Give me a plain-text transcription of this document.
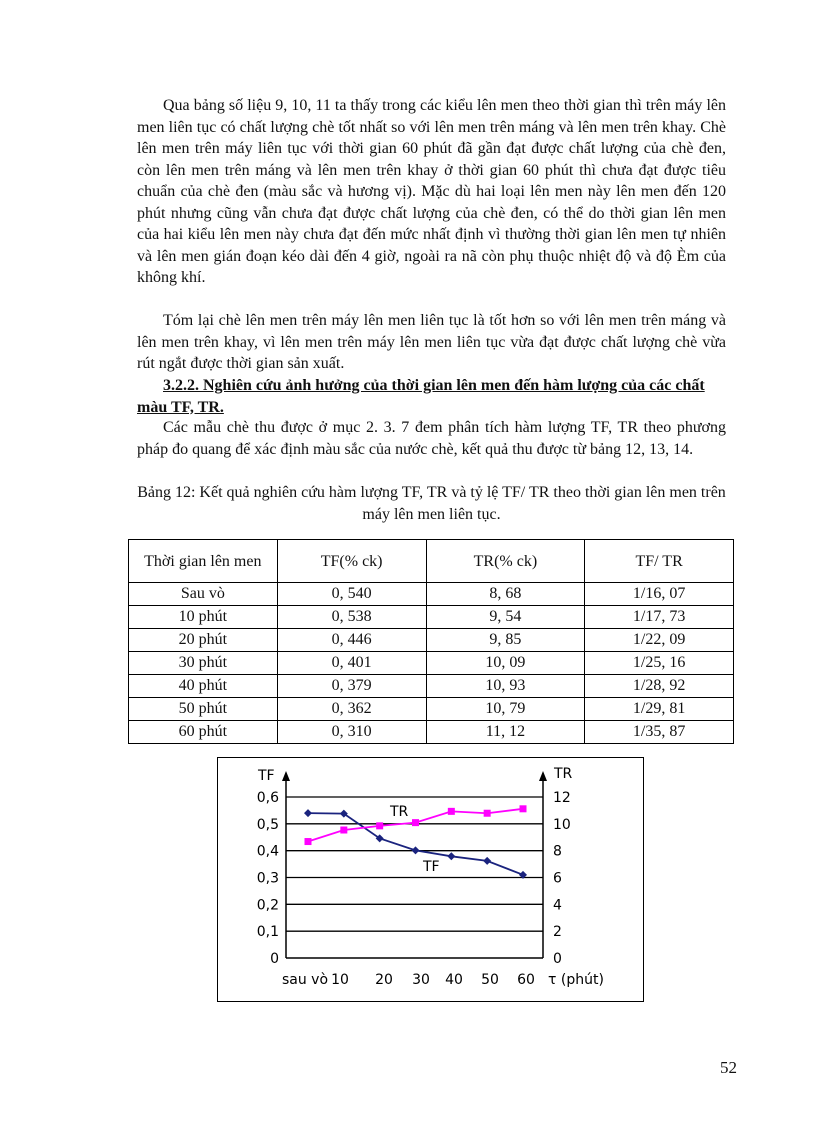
Qua bảng số liệu 9, 10, 11 ta thấy trong các kiểu lên men theo thời gian thì trên máy lên men liên tục có chất lượng chè tốt nhất so với lên men trên máng và lên men trên khay. Chè lên men trên máy liên tục với thời gian 60 phút đã gần đạt được chất lượng của chè đen, còn lên men trên máng và lên men trên khay ở thời gian 60 phút thì chưa đạt được tiêu chuẩn của chè đen (màu sắc và hương vị). Mặc dù hai loại lên men này lên men đến 120 phút nhưng cũng vẫn chưa đạt được chất lượng của chè đen, có thể do thời gian lên men của hai kiểu lên men này chưa đạt đến mức nhất định vì thường thời gian lên men tự nhiên và lên men gián đoạn kéo dài đến 4 giờ, ngoài ra nã còn phụ thuộc nhiệt độ và độ Èm của không khí.

Tóm lại chè lên men trên máy lên men liên tục là tốt hơn so với lên men trên máng và lên men trên khay, vì lên men trên máy lên men liên tục vừa đạt được chất lượng chè vừa rút ngắt được thời gian sản xuất.

3.2.2. Nghiên cứu ảnh hưởng của thời gian lên men đến hàm lượng của các chất màu TF, TR.

Các mẫu chè thu được ở mục 2. 3. 7 đem phân tích hàm lượng TF, TR theo phương pháp đo quang để xác định màu sắc của nước chè, kết quả thu được từ bảng 12, 13, 14.

Bảng 12: Kết quả nghiên cứu hàm lượng TF, TR và tỷ lệ TF/ TR theo thời gian lên men trên máy lên men liên tục.

Thời gian lên men	TF(% ck)	TR(% ck)	TF/ TR
Sau vò	0, 540	8, 68	1/16, 07
10 phút	0, 538	9, 54	1/17, 73
20 phút	0, 446	9, 85	1/22, 09
30 phút	0, 401	10, 09	1/25, 16
40 phút	0, 379	10, 93	1/28, 92
50 phút	0, 362	10, 79	1/29, 81
60 phút	0, 310	11, 12	1/35, 87
0
0,1
0,2
0,3
0,4
0,5
0,6
0
2
4
6
8
10
12
TF	TR
sau vò 10 20 30 40 50 60 τ (phút)
TR
TF
52
